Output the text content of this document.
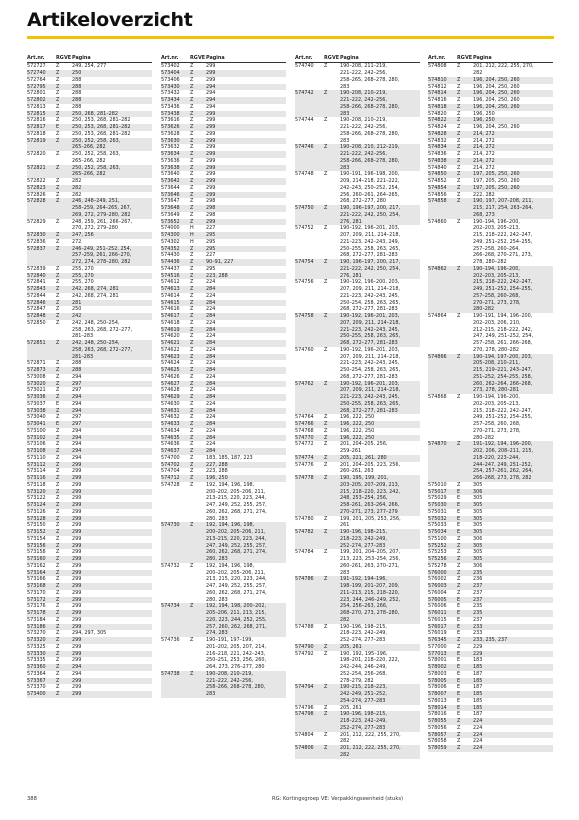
Artikeloverzicht
Art.nr.	RG VE Pagina
572727	Z	249, 254, 277
572740	Z	250
572764	Z	288
572795	Z	288
572801	Z	288
572802	Z	288
572813	Z	288
572815	Z	250, 268, 281–282
572816	Z	250, 253, 268, 281–282
572817	E	250, 253, 268, 281–282
572818	Z	250, 253, 268, 281–282
572819	Z	250, 252, 258, 263,
265–266, 282
572820	Z	250, 252, 258, 263,
265–266, 282
572821	Z	250, 252, 258, 263,
265–266, 282
572822	Z	282
572823	Z	282
572826	Z	282
572828	Z	246, 248–249, 251,
258–259, 264–265, 267,
269, 272, 279–280, 282
572829	Z	248, 259, 261, 266–267,
270, 272, 279–280
572830	Z	247, 256
572836	Z	272
572837	Z	246–249, 251–252, 254,
257–259, 261, 266–270,
272, 274, 278–280, 282
572839	Z	255, 270
572840	Z	255, 270
572841	Z	255, 270
572843	Z	242, 268, 274, 281
572844	Z	242, 268, 274, 281
572846	Z	281
572847	Z	250
572848	Z	242
572850	Z	242, 248, 250–254,
258, 263, 268, 272–277,
281–283
572851	Z	242, 248, 250–254,
258, 263, 268, 272–277,
281–283
572871	Z	288
572873	Z	288
573008	Z	294
573020	Z	297
573021	Z	297
573036	Z	294
573037	E	294
573038	Z	294
573040	Z	297
573041	E	297
573100	Z	294
573102	Z	294
573106	Z	294
573108	Z	294
573110	Z	294
573112	Z	299
573114	Z	299
573116	Z	299
573118	Z	299
573120	Z	299
573122	Z	299
573124	Z	299
573126	Z	299
573128	Z	299
573150	Z	299
573152	Z	299
573154	Z	299
573156	Z	299
573158	Z	299
573160	Z	299
573162	Z	299
573164	Z	299
573166	Z	299
573168	Z	299
573170	Z	299
573172	Z	299
573176	Z	299
573178	Z	299
573184	Z	299
573186	Z	299
573270	Z	294, 297, 305
573320	Z	299
573325	Z	299
573330	Z	299
573335	Z	299
573360	Z	294
573364	Z	294
573367	Z	299
573370	Z	299
573400	Z	299
Art.nr.	RG VE Pagina
573402	Z	299
573404	Z	299
573406	Z	299
573430	Z	294
573432	Z	294
573434	Z	294
573436	Z	294
573438	Z	299
573616	Z	299
573626	Z	299
573628	Z	299
573630	Z	299
573632	Z	299
573634	Z	299
573636	Z	299
573638	Z	299
573640	Z	299
573642	Z	299
573644	Z	299
573646	Z	299
573647	Z	298
573648	Z	298
573649	Z	298
573652	Z	299
574000	H	227
574300	H	295
574302	H	295
574352	Z	295
574430	Z	227
574436	Z	90–91, 227
574437	Z	295
574516	Z	223, 288
574612	Z	224
574613	Z	284
574614	Z	224
574615	Z	284
574616	Z	224
574617	Z	284
574618	Z	224
574619	Z	284
574620	Z	224
574621	Z	284
574622	Z	224
574623	Z	284
574624	Z	224
574625	Z	284
574626	Z	224
574627	Z	284
574628	Z	224
574629	Z	284
574630	Z	224
574631	Z	284
574632	Z	224
574633	Z	284
574634	Z	224
574635	Z	284
574636	Z	224
574637	Z	284
574700	Z	183, 185, 187, 223
574702	Z	227, 288
574704	Z	223, 288
574712	Z	196, 250
574728	Z	192, 194, 196, 198,
200–202, 205–206, 211,
213–215, 220, 223, 244,
247, 249, 252, 255, 257,
260, 262, 268, 271, 274,
280, 283
574730	Z	192, 194, 196, 198,
200–202, 205–206, 211,
213–215, 220, 223, 244,
247, 249, 252, 255, 257,
260, 262, 268, 271, 274,
280, 283
574732	Z	192, 194, 196, 198,
200–202, 205–206, 211,
213, 215, 220, 223, 244,
247, 249, 252, 255, 257,
260, 262, 268, 271, 274,
280, 283
574734	Z	192, 194, 198, 200–202,
205–206, 211, 213, 215,
220, 223, 244, 252, 255,
257, 260, 262, 268, 271,
274, 283
574736	Z	190–191, 197–199,
201–202, 205, 207, 214,
216–218, 221, 242–243,
250–251, 253, 256, 260,
264, 273, 276–277, 280
574738	Z	190–208, 210–219,
221–222, 242–256,
258–266, 268–278, 280,
283
Art.nr.	RG VE Pagina
574740	Z	190–208, 211–219,
221–222, 242–256,
258–265, 268–278, 280,
283
574742	Z	190–208, 210–219,
221–222, 242–256,
258–266, 268–278, 280,
283
574744	Z	190–208, 210–219,
221–222, 242–256,
258–266, 268–278, 280,
283
574746	Z	190–208, 210, 212–219,
221–222, 242–256,
258–266, 268–278, 280,
283
574748	Z	190–191, 196–198, 200,
209, 214–218, 221–222,
242–243, 250–252, 254,
256, 260–261, 264–265,
268, 272–277, 280
574750	Z	190, 196–197, 200, 217,
221–222, 242, 250, 254,
276, 281
574752	Z	190–192, 196–201, 203,
207, 209, 211, 214–218,
221–223, 242–243, 249,
250–255, 258, 263, 265,
268, 272–277, 281–283
574754	Z	190, 196–197, 200, 217,
221–222, 242, 250, 254,
276, 281
574756	Z	190–192, 196–200, 203,
207, 209, 211, 214–218,
221–223, 242–243, 245,
250–254, 258, 263, 265,
268, 272–277, 281–283
574758	Z	190–192, 196–201, 203,
207, 209, 211, 214–218,
221–223, 242–243, 245,
250–255, 258, 263, 265,
268, 272–277, 281–283
574760	Z	190–192, 196–201, 203,
207, 209, 211, 214–218,
221–223, 242–243, 245,
250–254, 258, 263, 265,
268, 272–277, 281–283
574762	Z	190–192, 196–201, 203,
207, 209, 211, 214–218,
221–223, 242–243, 245,
250–255, 258, 263, 265,
268, 272–277, 281–283
574764	Z	196, 222, 250
574766	Z	196, 222, 250
574768	Z	196, 222, 250
574770	Z	196, 222, 250
574772	Z	201, 204–205, 256,
259–261
574774	Z	205, 221, 261, 280
574776	Z	201, 204–205, 223, 256,
260–261, 263
574778	Z	190, 195, 199, 201,
203–205, 207–209, 213,
215, 218–220, 223, 242,
248, 253–254, 256,
258–261, 263–264, 266,
270–271, 273, 277–279
574780	Z	199, 201, 205, 253, 256,
261
574782	Z	190–196, 198–215,
218–223, 242–249,
252–274, 277–283
574784	Z	199, 201, 204–205, 207,
213, 223, 253–254, 256,
260–261, 263, 270–271,
283
574786	Z	191–192, 194–196,
198–199, 201–207, 209,
211–213, 215, 218–220,
223, 244, 246–249, 252,
254, 256–263, 266,
268–270, 273, 278–280,
282
574788	Z	190–196, 198–215,
218–223, 242–249,
252–274, 277–283
574790	Z	205, 261
574792	Z	190, 192, 195–196,
198–201, 218–220, 222,
242–244, 246–249,
252–254, 256–268,
278–279, 282
574794	Z	190–215, 218–223,
242–249, 251–252,
254–274, 277–283
574796	Z	205, 261
574798	Z	190–196, 198–215,
218–223, 242–249,
252–274, 277–283
574804	Z	201, 212, 222, 255, 270,
282
574806	Z	201, 212, 222, 255, 270,
282
Art.nr.	RG VE Pagina
574808	Z	201, 212, 222, 255, 270,
282
574810	Z	196, 204, 250, 260
574812	Z	196, 204, 250, 260
574814	Z	196, 204, 250, 260
574816	Z	196, 204, 250, 260
574818	Z	196, 204, 250, 260
574820	Z	196, 250
574822	Z	196, 250
574824	Z	196, 204, 250, 260
574828	Z	214, 272
574832	Z	214, 272
574834	Z	214, 272
574836	Z	214, 272
574838	Z	214, 272
574840	Z	214, 272
574850	Z	197, 205, 250, 260
574852	Z	197, 205, 250, 260
574854	Z	197, 205, 250, 260
574856	Z	222, 282
574858	Z	190, 197, 207–208, 211,
215, 217, 254, 263–264,
268, 273
574860	Z	190–194, 196–200,
202–203, 205–213,
215, 218–222, 242–247,
249, 251–252, 254–255,
257–258, 260–264,
266–268, 270–271, 273,
278, 280–282
574862	Z	190–194, 196–200,
202–203, 205–213,
215, 218–222, 242–247,
249, 251–252, 254–255,
257–258, 260–268,
270–271, 273, 278,
280–282
574864	Z	190–191, 194, 196–200,
202–203, 206, 210,
212–215, 218–222, 242,
247, 249, 251–252, 254,
257–258, 261, 266–268,
270, 278, 280–282
574866	Z	190–194, 197–200, 203,
205–208, 210–211,
215, 219–221, 243–247,
251–252, 254–255, 258,
260, 262–264, 266–268,
273, 278, 280–281
574868	Z	190–194, 196–200,
202–203, 205–213,
215, 218–222, 242–247,
249, 251–252, 254–255,
257–258, 260, 268,
270–271, 273, 278,
280–282
574870	Z	191–192, 194, 196–200,
202, 206, 208–211, 215,
218–220, 223–244,
244–247, 249, 251–252,
254, 257–261, 262, 264,
266–268, 273, 278, 282
575010	Z	305
575017	E	306
575029	E	305
575030	E	305
575031	E	305
575032	E	305
575033	E	305
575034	E	305
575100	Z	306
575252	Z	305
575253	Z	305
575256	Z	305
575278	Z	306
576000	Z	235
576002	Z	236
576003	Z	237
576004	Z	237
576005	E	237
576006	E	235
576011	E	235
576015	E	237
576017	E	233
576019	E	233
576345	Z	233, 235, 237
577000	Z	229
577013	E	229
578001	E	183
578002	E	185
578003	E	187
578005	E	185
578006	E	187
578007	E	185
578013	E	185
578014	E	185
578016	E	187
578055	Z	224
578056	Z	224
578057	Z	224
578058	Z	224
578059	Z	224
388	RG: Kortingsgroep VE: Verpakkingseenheid (stuks)
